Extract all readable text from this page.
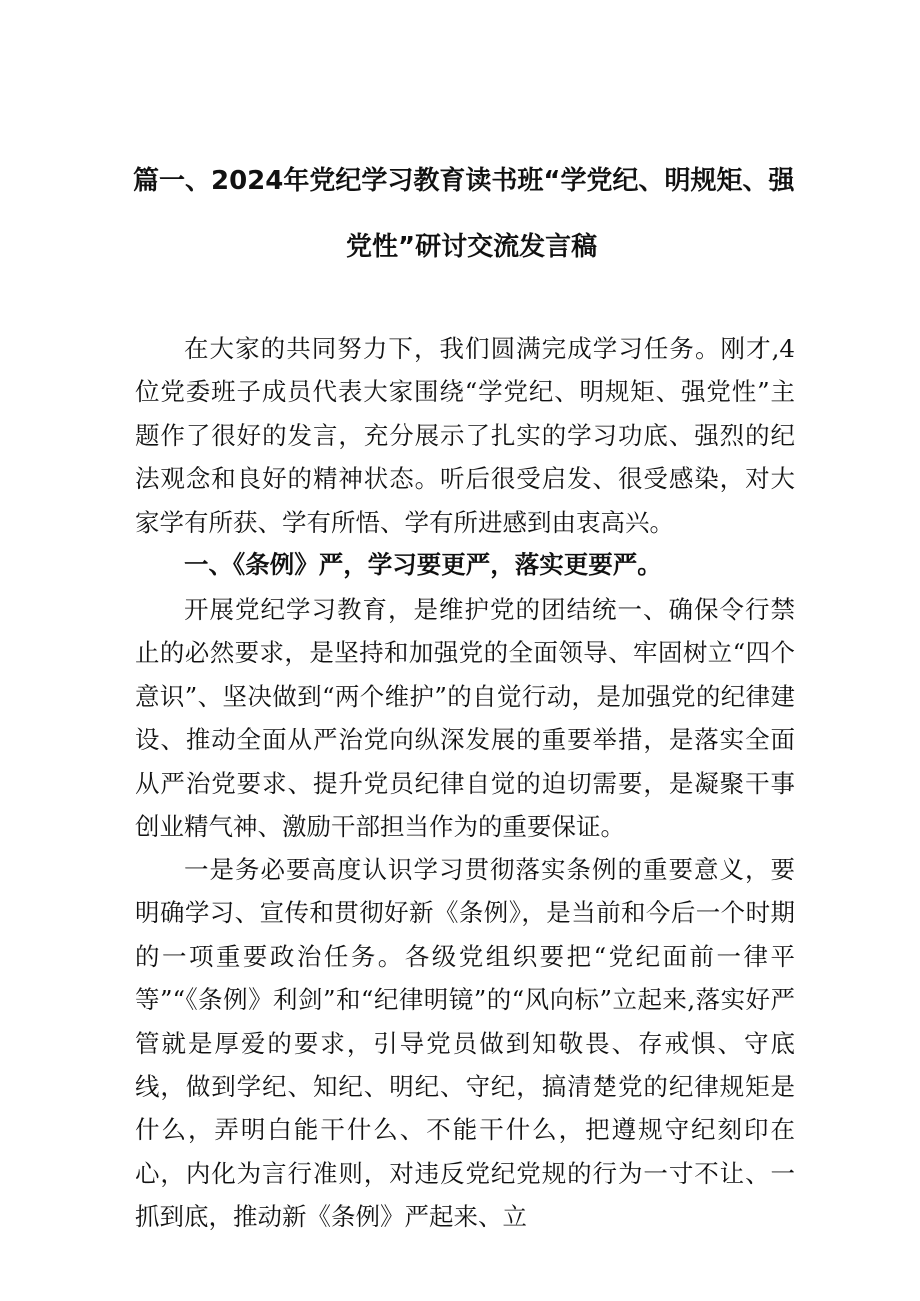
篇一、2024年党纪学习教育读书班“学党纪、明规矩、强
党性”研讨交流发言稿

在大家的共同努力下，我们圆满完成学习任务。刚才,4位党委班子成员代表大家围绕“学党纪、明规矩、强党性”主题作了很好的发言，充分展示了扎实的学习功底、强烈的纪法观念和良好的精神状态。听后很受启发、很受感染，对大家学有所获、学有所悟、学有所进感到由衷高兴。

一、《条例》严，学习要更严，落实更要严。

开展党纪学习教育，是维护党的团结统一、确保令行禁止的必然要求，是坚持和加强党的全面领导、牢固树立“四个意识”、坚决做到“两个维护”的自觉行动，是加强党的纪律建设、推动全面从严治党向纵深发展的重要举措，是落实全面从严治党要求、提升党员纪律自觉的迫切需要，是凝聚干事创业精气神、激励干部担当作为的重要保证。

一是务必要高度认识学习贯彻落实条例的重要意义，要明确学习、宣传和贯彻好新《条例》，是当前和今后一个时期的一项重要政治任务。各级党组织要把“党纪面前一律平等”“《条例》利剑”和“纪律明镜”的“风向标”立起来,落实好严管就是厚爱的要求，引导党员做到知敬畏、存戒惧、守底线，做到学纪、知纪、明纪、守纪，搞清楚党的纪律规矩是什么，弄明白能干什么、不能干什么，把遵规守纪刻印在心，内化为言行准则，对违反党纪党规的行为一寸不让、一抓到底，推动新《条例》严起来、立
